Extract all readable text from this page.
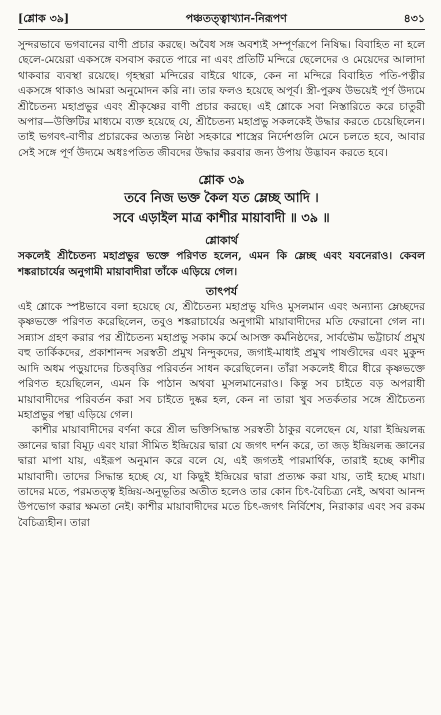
[শ্লোক ৩৯]	পঞ্চতত্ত্বাখ্যান-নিরূপণ	৪৩১

সুন্দরভাবে ভগবানের বাণী প্রচার করছে। অবৈধ সঙ্গ অবশ্যই সম্পূর্ণরূপে নিষিদ্ধ। বিবাহিত না হলে ছেলে-মেয়েরা একসঙ্গে বসবাস করতে পারে না এবং প্রতিটি মন্দিরে ছেলেদের ও মেয়েদের আলাদা থাকবার ব্যবস্থা রয়েছে। গৃহস্থরা মন্দিরের বাইরে থাকে, কেন না মন্দিরে বিবাহিত পতি-পত্নীর একসঙ্গে থাকাও আমরা অনুমোদন করি না। তার ফলও হয়েছে অপূর্ব। স্ত্রী-পুরুষ উভয়েই পূর্ণ উদ্যমে শ্রীচৈতন্য মহাপ্রভুর এবং শ্রীকৃষ্ণের বাণী প্রচার করছে। এই শ্লোকে সবা নিস্তারিতে করে চাতুরী অপার—উক্তিটির মাধ্যমে ব্যক্ত হয়েছে যে, শ্রীচৈতন্য মহাপ্রভু সকলকেই উদ্ধার করতে চেয়েছিলেন। তাই ভগবৎ-বাণীর প্রচারকের অত্যন্ত নিষ্ঠা সহকারে শাস্ত্রের নির্দেশগুলি মেনে চলতে হবে, আবার সেই সঙ্গে পূর্ণ উদ্যমে অধঃপতিত জীবদের উদ্ধার করবার জন্য উপায় উদ্ভাবন করতে হবে।

শ্লোক ৩৯
তবে নিজ ভক্ত কৈল যত ম্লেচ্ছ আদি ।
সবে এড়াইল মাত্র কাশীর মায়াবাদী ॥ ৩৯ ॥
শ্লোকার্থ

সকলেই শ্রীচৈতন্য মহাপ্রভুর ভক্তে পরিণত হলেন, এমন কি ম্লেচ্ছ এবং যবনেরাও। কেবল শঙ্করাচার্যের অনুগামী মায়াবাদীরা তাঁকে এড়িয়ে গেল।

তাৎপর্য

এই শ্লোকে স্পষ্টভাবে বলা হয়েছে যে, শ্রীচৈতন্য মহাপ্রভু যদিও মুসলমান এবং অন্যান্য ম্লেচ্ছদের কৃষ্ণভক্তে পরিণত করেছিলেন, তবুও শঙ্করাচার্যের অনুগামী মায়াবাদীদের মতি ফেরানো গেল না। সন্ন্যাস গ্রহণ করার পর শ্রীচৈতন্য মহাপ্রভু সকাম কর্মে আসক্ত কর্মনিষ্ঠদের, সার্বভৌম ভট্টাচার্য প্রমুখ বহু তার্কিকদের, প্রকাশানন্দ সরস্বতী প্রমুখ নিন্দুকদের, জগাই-মাধাই প্রমুখ পাষণ্ডীদের এবং মুকুন্দ আদি অধম পড়ুয়াদের চিত্তবৃত্তির পরিবর্তন সাধন করেছিলেন। তাঁরা সকলেই ধীরে ধীরে কৃষ্ণভক্তে পরিণত হয়েছিলেন, এমন কি পাঠান অথবা মুসলমানেরাও। কিন্তু সব চাইতে বড় অপরাধী মায়াবাদীদের পরিবর্তন করা সব চাইতে দুষ্কর হল, কেন না তারা খুব সতর্কতার সঙ্গে শ্রীচৈতন্য মহাপ্রভুর পন্থা এড়িয়ে গেল।

কাশীর মায়াবাদীদের বর্ণনা করে শ্রীল ভক্তিসিদ্ধান্ত সরস্বতী ঠাকুর বলেছেন যে, যারা ইন্দ্রিয়লব্ধ জ্ঞানের দ্বারা বিমূঢ় এবং যারা সীমিত ইন্দ্রিয়ের দ্বারা যে জগৎ দর্শন করে, তা জড় ইন্দ্রিয়লব্ধ জ্ঞানের দ্বারা মাপা যায়, এইরূপ অনুমান করে বলে যে, এই জগতই পারমার্থিক, তারাই হচ্ছে কাশীর মায়াবাদী। তাদের সিদ্ধান্ত হচ্ছে যে, যা কিছুই ইন্দ্রিয়ের দ্বারা প্রত্যক্ষ করা যায়, তাই হচ্ছে মায়া। তাদের মতে, পরমতত্ত্ব ইন্দ্রিয়-অনুভূতির অতীত হলেও তার কোন চিৎ-বৈচিত্র্য নেই, অথবা আনন্দ উপভোগ করার ক্ষমতা নেই। কাশীর মায়াবাদীদের মতে চিৎ-জগৎ নির্বিশেষ, নিরাকার এবং সব রকম বৈচিত্র্যহীন। তারা
